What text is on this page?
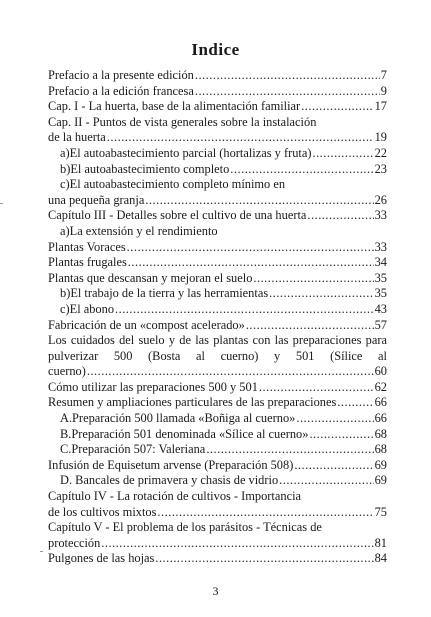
Indice
Prefacio a la presente edición .....	7
Prefacio a la edición francesa .....	9
Cap. I - La huerta, base de la alimentación familiar .....	17
Cap. II - Puntos de vista generales sobre la instalación
de la huerta .....	19
a)El autoabastecimiento parcial (hortalizas y fruta) .....	22
b)El autoabastecimiento completo .....	23
c)El autoabastecimiento completo mínimo en
una pequeña granja .....	26
Capítulo III - Detalles sobre el cultivo de una huerta .....	33
a)La extensión y el rendimiento
Plantas Voraces .....	33
Plantas frugales .....	34
Plantas que descansan y mejoran el suelo .....	35
b)El trabajo de la tierra y las herramientas .....	35
c)El abono .....	43
Fabricación de un «compost acelerado» .....	57
Los cuidados del suelo y de las plantas con las preparaciones para pulverizar 500 (Bosta al cuerno) y 501 (Sílice al
cuerno) .....	60
Cómo utilizar las preparaciones 500 y 501 .....	62
Resumen y ampliaciones particulares de las preparaciones .....	66
A.Preparación 500 llamada «Boñiga al cuerno» .....	66
B.Preparación 501 denominada «Sílice al cuerno» .....	68
C.Preparación 507: Valeriana .....	68
Infusión de Equisetum arvense (Preparación 508) .....	69
D. Bancales de primavera y chasis de vidrio .....	69
Capítulo IV - La rotación de cultivos - Importancia
de los cultivos mixtos .....	75
Capítulo V - El problema de los parásitos - Técnicas de
protección .....	81
Pulgones de las hojas .....	84
3
